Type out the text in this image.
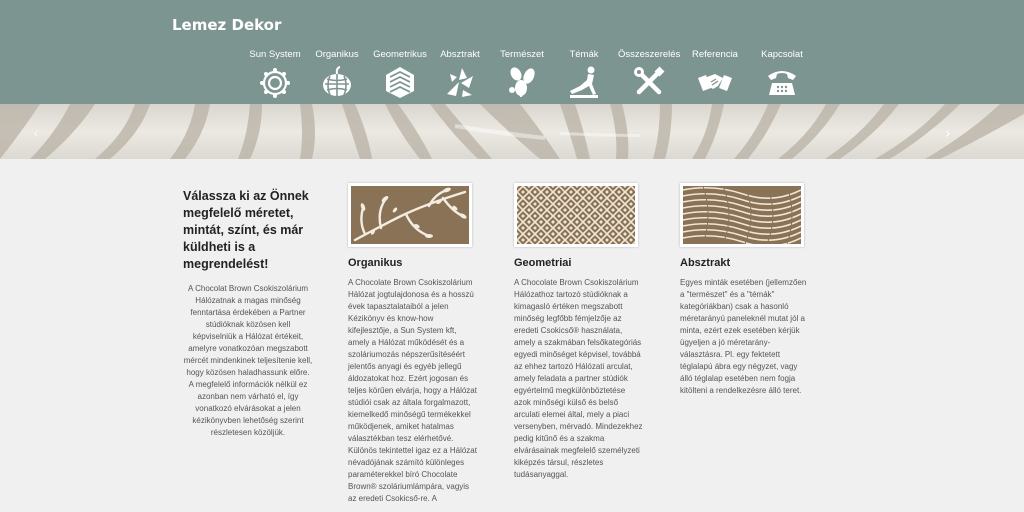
Lemez Dekor
Sun System	Organikus	Geometrikus	Absztrakt	Természet	Témák	Összeszerelés Referencia	Kapcsolat
‹	›
Válassza ki az Önnek megfelelő méretet, mintát, színt, és már küldheti is a megrendelést!

A Chocolat Brown Csokiszolárium Hálózatnak a magas minőség fenntartása érdekében a Partner stúdióknak közösen kell képviselniük a Hálózat értékeit, amelyre vonatkozóan megszabott mércét mindenkinek teljesítenie kell, hogy közösen haladhassunk előre. A megfelelő információk nélkül ez azonban nem várható el, így vonatkozó elvárásokat a jelen kézikönyvben lehetőség szerint részletesen közöljük.

Organikus

A Chocolate Brown Csokiszolárium Hálózat jogtulajdonosa és a hosszú évek tapasztalataiból a jelen Kézikönyv és know-how kifejlesztője, a Sun System kft, amely a Hálózat működését és a szoláriumozás népszerűsítéséért jelentős anyagi és egyéb jellegű áldozatokat hoz. Ezért jogosan és teljes körűen elvárja, hogy a Hálózat stúdiói csak az általa forgalmazott, kiemelkedő minőségű termékekkel működjenek, amiket hatalmas választékban tesz elérhetővé. Különös tekintettel igaz ez a Hálózat névadójának számító különleges paraméterekkel bíró Chocolate Brown® szoláriumlámpára, vagyis az eredeti Csokicső-re. A

Geometriai

A Chocolate Brown Csokiszolárium Hálózathoz tartozó stúdióknak a kimagasló értéken megszabott minőség legfőbb fémjelzője az eredeti Csokicső® használata, amely a szakmában felsőkategóriás egyedi minőséget képvisel, továbbá az ehhez tartozó Hálózati arculat, amely feladata a partner stúdiók egyértelmű megkülönböztetése azok minőségi külső és belső arculati elemei által, mely a piaci versenyben, mérvadó. Mindezekhez pedig kitűnő és a szakma elvárásainak megfelelő személyzeti kiképzés társul, részletes tudásanyaggal.

Absztrakt

Egyes minták esetében (jellemzően a "természet" és a "témák" kategóriákban) csak a hasonló méretarányú paneleknél mutat jól a minta, ezért ezek esetében kérjük ügyeljen a jó méretarány-választásra. Pl. egy fektetett téglalapú ábra egy négyzet, vagy álló téglalap esetében nem fogja kitölteni a rendelkezésre álló teret.
